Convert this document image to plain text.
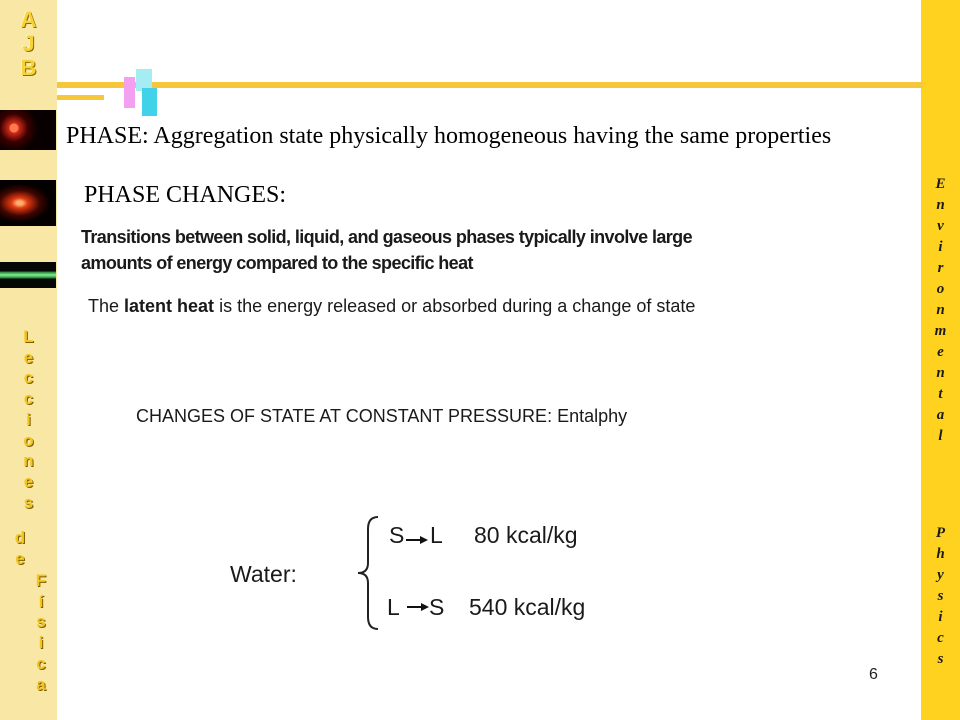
A
J
B
L
e
c
c
i
o
n
e
s
d
e
F
í
s
i
c
a
E
n
v
i
r
o
n
m
e
n
t
a
l
P
h
y
s
i
c
s
PHASE: Aggregation state physically homogeneous having the same properties
PHASE CHANGES:
Transitions between solid, liquid, and gaseous phases typically involve large
amounts of energy compared to the specific heat
The latent heat is the energy released or absorbed during a change of state
CHANGES OF STATE AT CONSTANT PRESSURE: Entalphy
Water:
S L 80 kcal/kg
L S 540 kcal/kg
6
